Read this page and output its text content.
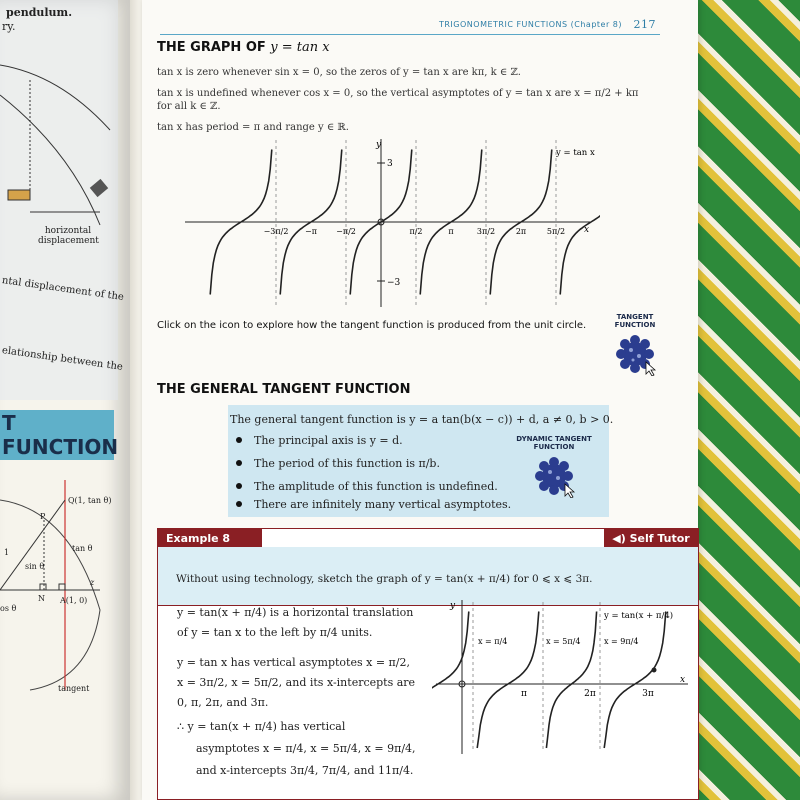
pendulum.
ry.
horizontal displacement
ntal displacement of the
elationship between the
T FUNCTION
Q(1, tan θ)
P
tan θ
sin θ
1
N A(1, 0)
os θ
tangent
z
TRIGONOMETRIC FUNCTIONS (Chapter 8) 217
THE GRAPH OF y = tan x
tan x is zero whenever sin x = 0, so the zeros of y = tan x are kπ, k ∈ ℤ.
tan x is undefined whenever cos x = 0, so the vertical asymptotes of y = tan x are x = π/2 + kπ
for all k ∈ ℤ.
tan x has period = π and range y ∈ ℝ.
y
x
3
−3
y = tan x
−3π/2 −π −π/2	π/2	π	3π/2	2π	5π/2
Click on the icon to explore how the tangent function is produced from the unit circle.
TANGENT
FUNCTION
THE GENERAL TANGENT FUNCTION
The general tangent function is y = a tan(b(x − c)) + d, a ≠ 0, b > 0.
The principal axis is y = d.
The period of this function is π/b.
The amplitude of this function is undefined.
There are infinitely many vertical asymptotes.
DYNAMIC TANGENT
FUNCTION
Example 8	◀) Self Tutor
Without using technology, sketch the graph of y = tan(x + π/4) for 0 ⩽ x ⩽ 3π.
y = tan(x + π/4) is a horizontal translation
of y = tan x to the left by π/4 units.
y = tan x has vertical asymptotes x = π/2,
x = 3π/2, x = 5π/2, and its x-intercepts are
0, π, 2π, and 3π.
∴ y = tan(x + π/4) has vertical
asymptotes x = π/4, x = 5π/4, x = 9π/4,
and x-intercepts 3π/4, 7π/4, and 11π/4.
y
x
y = tan(x + π/4)
x = π/4	x = 5π/4	x = 9π/4
π	2π	3π
